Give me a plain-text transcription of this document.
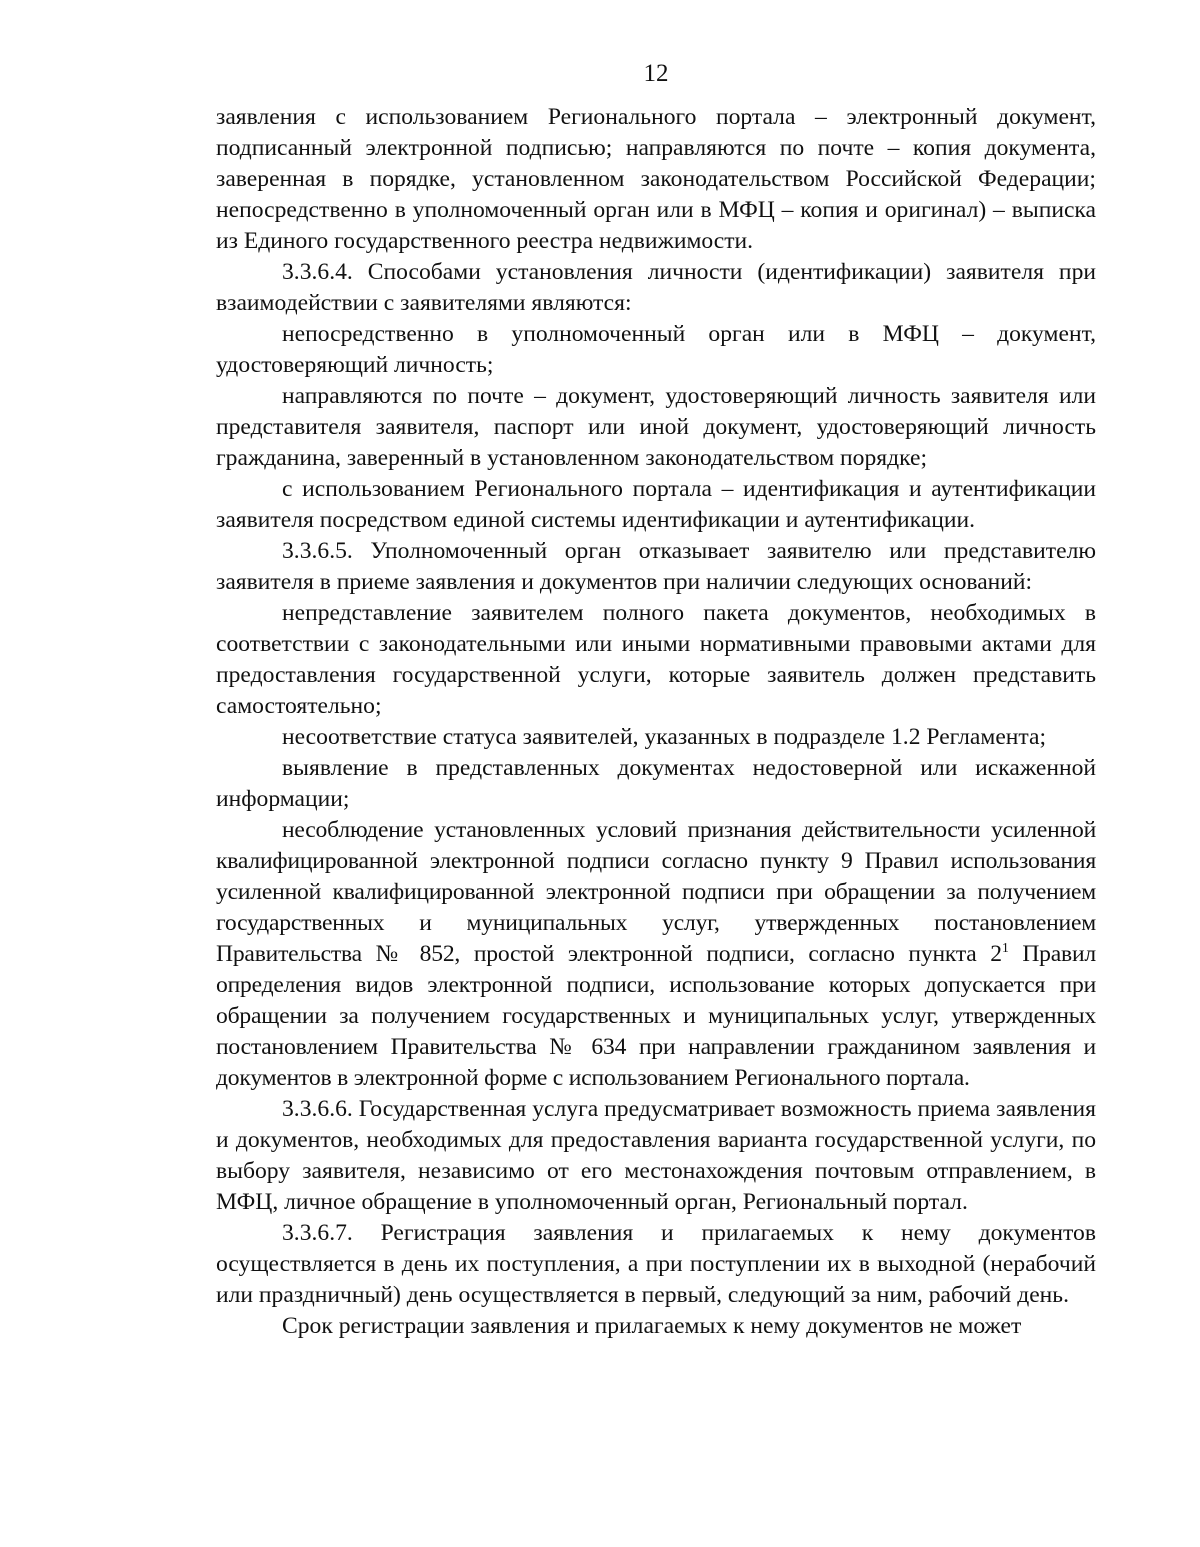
12

заявления с использованием Регионального портала – электронный документ, подписанный электронной подписью; направляются по почте – копия документа, заверенная в порядке, установленном законодательством Российской Федерации; непосредственно в уполномоченный орган или в МФЦ – копия и оригинал) – выписка из Единого государственного реестра недвижимости.

3.3.6.4. Способами установления личности (идентификации) заявителя при взаимодействии с заявителями являются:

непосредственно в уполномоченный орган или в МФЦ – документ, удостоверяющий личность;

направляются по почте – документ, удостоверяющий личность заявителя или представителя заявителя, паспорт или иной документ, удостоверяющий личность гражданина, заверенный в установленном законодательством порядке;

с использованием Регионального портала – идентификация и аутентификации заявителя посредством единой системы идентификации и аутентификации.

3.3.6.5. Уполномоченный орган отказывает заявителю или представителю заявителя в приеме заявления и документов при наличии следующих оснований:

непредставление заявителем полного пакета документов, необходимых в соответствии с законодательными или иными нормативными правовыми актами для предоставления государственной услуги, которые заявитель должен представить самостоятельно;

несоответствие статуса заявителей, указанных в подразделе 1.2 Регламента;

выявление в представленных документах недостоверной или искаженной информации;

несоблюдение установленных условий признания действительности усиленной квалифицированной электронной подписи согласно пункту 9 Правил использования усиленной квалифицированной электронной подписи при обращении за получением государственных и муниципальных услуг, утвержденных постановлением Правительства № 852, простой электронной подписи, согласно пункта $2^1$ Правил определения видов электронной подписи, использование которых допускается при обращении за получением государственных и муниципальных услуг, утвержденных постановлением Правительства № 634 при направлении гражданином заявления и документов в электронной форме с использованием Регионального портала.

3.3.6.6. Государственная услуга предусматривает возможность приема заявления и документов, необходимых для предоставления варианта государственной услуги, по выбору заявителя, независимо от его местонахождения почтовым отправлением, в МФЦ, личное обращение в уполномоченный орган, Региональный портал.

3.3.6.7. Регистрация заявления и прилагаемых к нему документов осуществляется в день их поступления, а при поступлении их в выходной (нерабочий или праздничный) день осуществляется в первый, следующий за ним, рабочий день.

Срок регистрации заявления и прилагаемых к нему документов не может
